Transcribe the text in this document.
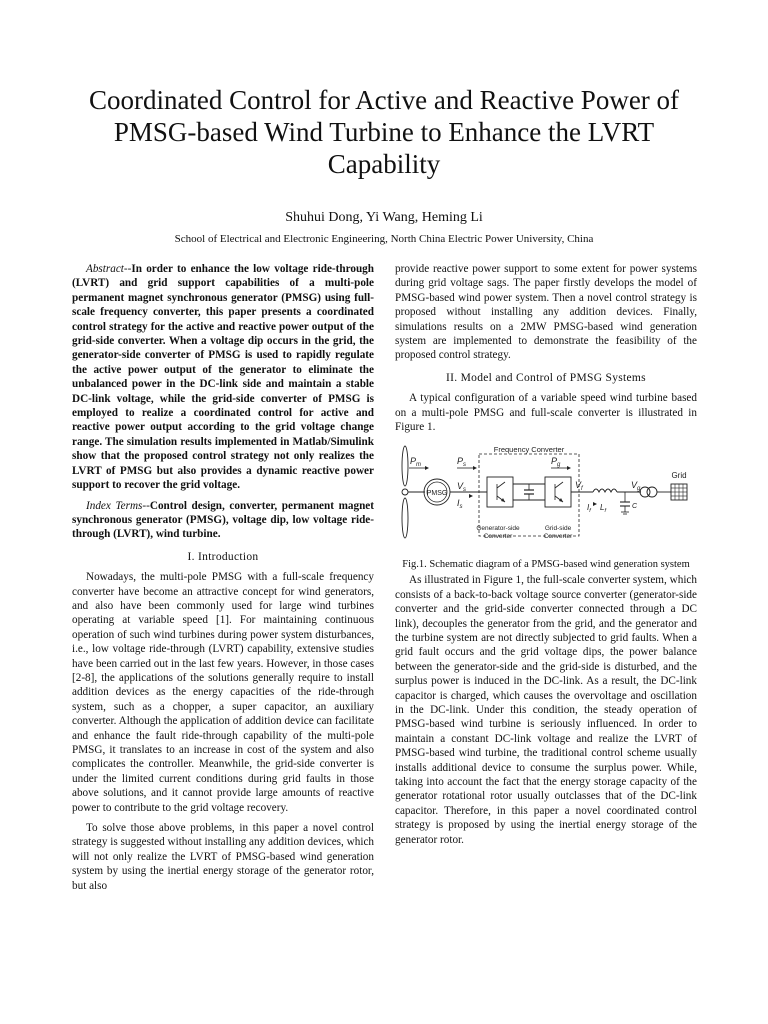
Coordinated Control for Active and Reactive Power of PMSG-based Wind Turbine to Enhance the LVRT Capability

Shuhui Dong, Yi Wang, Heming Li

School of Electrical and Electronic Engineering, North China Electric Power University, China

Abstract--In order to enhance the low voltage ride-through (LVRT) and grid support capabilities of a multi-pole permanent magnet synchronous generator (PMSG) using full-scale frequency converter, this paper presents a coordinated control strategy for the active and reactive power output of the grid-side converter. When a voltage dip occurs in the grid, the generator-side converter of PMSG is used to rapidly regulate the active power output of the generator to eliminate the unbalanced power in the DC-link side and maintain a stable DC-link voltage, while the grid-side converter of PMSG is employed to realize a coordinated control for active and reactive power output according to the grid voltage change range. The simulation results implemented in Matlab/Simulink show that the proposed control strategy not only realizes the LVRT of PMSG but also provides a dynamic reactive power support to recover the grid voltage.

Index Terms--Control design, converter, permanent magnet synchronous generator (PMSG), voltage dip, low voltage ride-through (LVRT), wind turbine.

I. Introduction

Nowadays, the multi-pole PMSG with a full-scale frequency converter have become an attractive concept for wind generators, and also have been commonly used for large wind turbines operating at variable speed [1]. For maintaining continuous operation of such wind turbines during power system disturbances, i.e., low voltage ride-through (LVRT) capability, extensive studies have been carried out in the last few years. However, in those cases [2-8], the applications of the solutions generally require to install addition devices as the energy capacities of the ride-through system, such as a chopper, a super capacitor, an auxiliary converter. Although the application of addition device can facilitate and enhance the fault ride-through capability of the multi-pole PMSG, it translates to an increase in cost of the system and also complicates the controller. Meanwhile, the grid-side converter is under the limited current conditions during grid faults in those above solutions, and it cannot provide large amounts of reactive power to contribute to the grid voltage recovery.

To solve those above problems, in this paper a novel control strategy is suggested without installing any addition devices, which will not only realize the LVRT of PMSG-based wind generation system by using the inertial energy storage of the generator rotor, but also

provide reactive power support to some extent for power systems during grid voltage sags. The paper firstly develops the model of PMSG-based wind power system. Then a novel control strategy is proposed without installing any addition devices. Finally, simulations results on a 2MW PMSG-based wind generation system are implemented to demonstrate the feasibility of the proposed control strategy.

II. Model and Control of PMSG Systems

A typical configuration of a variable speed wind turbine based on a multi-pole PMSG and full-scale converter is illustrated in Figure 1.

Frequency Converter
PMSG
$P_m$	$P_s$
$V_s$
$I_s$
$P_g$
Generator-side
Converter
Grid-side
Converter
$V_f$
$I_f$ $L_f$
C
$V_g$
Grid

Fig.1. Schematic diagram of a PMSG-based wind generation system

As illustrated in Figure 1, the full-scale converter system, which consists of a back-to-back voltage source converter (generator-side converter and the grid-side converter connected through a DC link), decouples the generator from the grid, and the generator and the turbine system are not directly subjected to grid faults. When a grid fault occurs and the grid voltage dips, the power balance between the generator-side and the grid-side is disturbed, and the surplus power is induced in the DC-link. As a result, the DC-link capacitor is charged, which causes the overvoltage and oscillation in the DC-link. Under this condition, the steady operation of PMSG-based wind turbine is seriously influenced. In order to maintain a constant DC-link voltage and realize the LVRT of PMSG-based wind turbine, the traditional control scheme usually installs additional device to consume the surplus power. While, taking into account the fact that the energy storage capacity of the generator rotational rotor usually outclasses that of the DC-link capacitor. Therefore, in this paper a novel coordinated control strategy is proposed by using the inertial energy storage of the generator rotor.
